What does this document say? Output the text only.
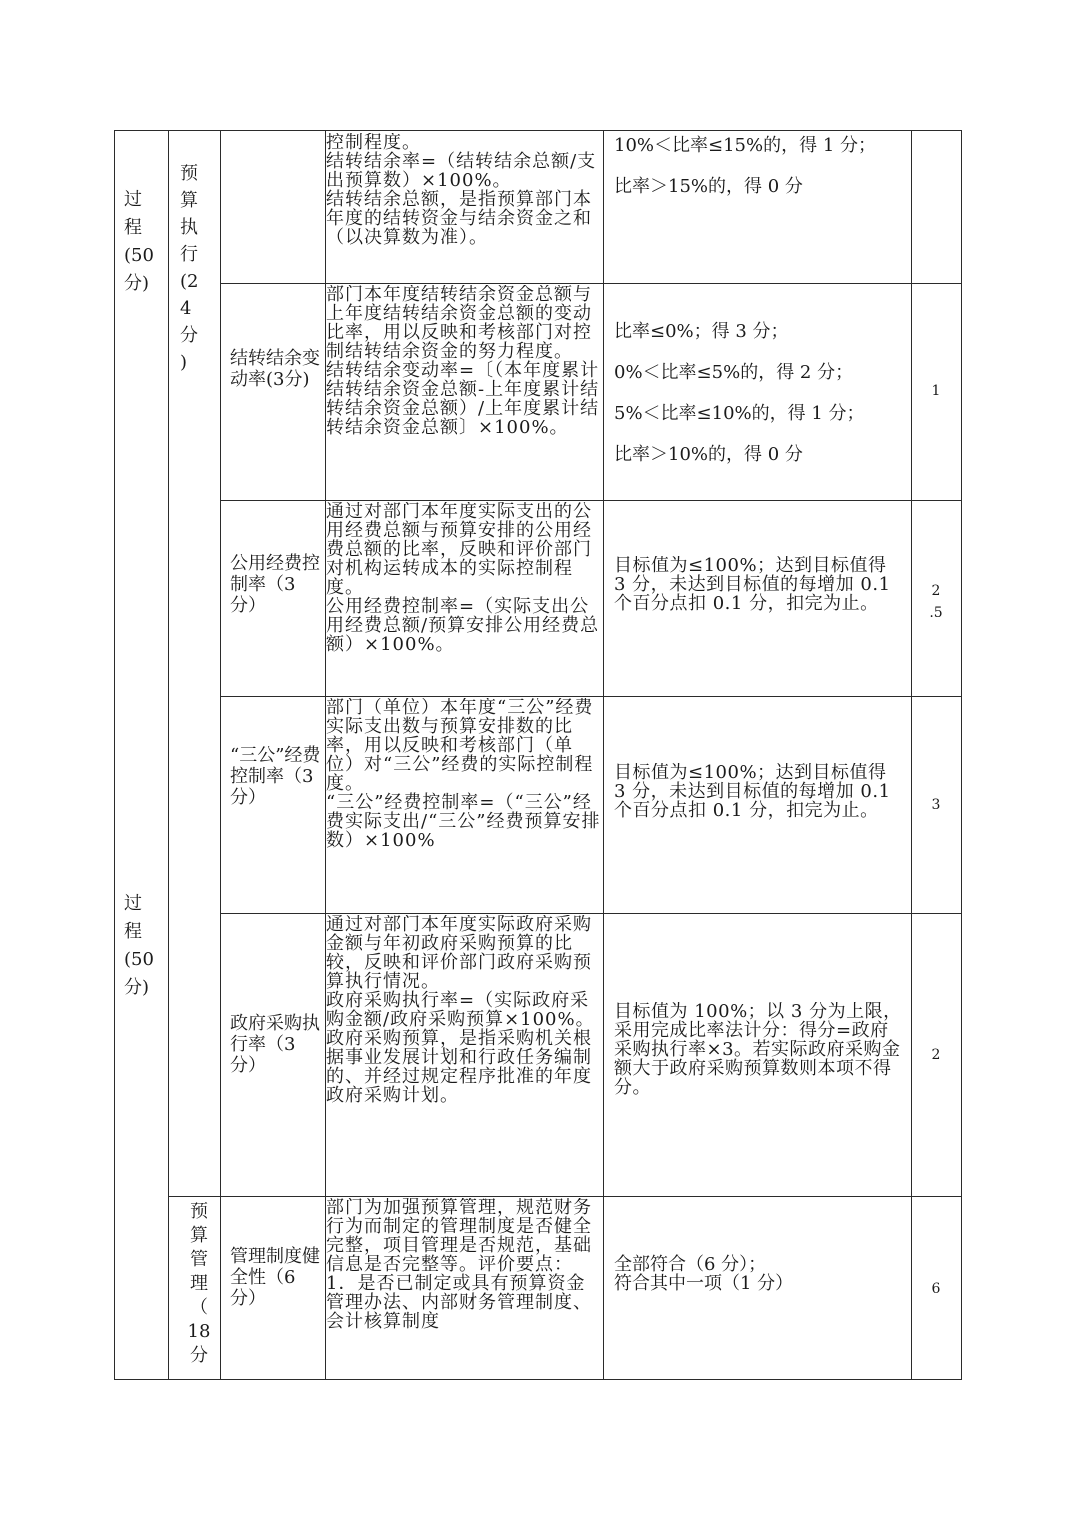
过
程
(50
分)
过
程
(50
分)
预
算
执
行
(2
4
分
)
预
算
管
理
（
18
分
控制程度。
结转结余率=（结转结余总额/支出预算数）×100%。
结转结余总额，是指预算部门本年度的结转资金与结余资金之和（以决算数为准）。
10%＜比率≤15%的，得 1 分；
比率＞15%的，得 0 分
结转结余变动率(3分)
部门本年度结转结余资金总额与上年度结转结余资金总额的变动比率，用以反映和考核部门对控制结转结余资金的努力程度。
结转结余变动率=〔（本年度累计结转结余资金总额-上年度累计结转结余资金总额）/上年度累计结转结余资金总额〕×100%。
比率≤0%；得 3 分；
0%＜比率≤5%的，得 2 分；
5%＜比率≤10%的，得 1 分；
比率＞10%的，得 0 分
1
公用经费控制率（3分）
通过对部门本年度实际支出的公用经费总额与预算安排的公用经费总额的比率，反映和评价部门对机构运转成本的实际控制程度。
公用经费控制率=（实际支出公用经费总额/预算安排公用经费总额）×100%。
目标值为≤100%；达到目标值得 3 分，未达到目标值的每增加 0.1 个百分点扣 0.1 分，扣完为止。
2
.5
“三公”经费控制率（3分）
部门（单位）本年度“三公”经费实际支出数与预算安排数的比率，用以反映和考核部门（单位）对“三公”经费的实际控制程度。
“三公”经费控制率=（“三公”经费实际支出/“三公”经费预算安排数）×100%
目标值为≤100%；达到目标值得 3 分，未达到目标值的每增加 0.1 个百分点扣 0.1 分，扣完为止。	3
政府采购执行率（3分）
通过对部门本年度实际政府采购金额与年初政府采购预算的比较，反映和评价部门政府采购预算执行情况。
政府采购执行率=（实际政府采购金额/政府采购预算×100%。
政府采购预算，是指采购机关根据事业发展计划和行政任务编制的、并经过规定程序批准的年度政府采购计划。
目标值为 100%；以 3 分为上限，采用完成比率法计分：得分=政府采购执行率×3。若实际政府采购金额大于政府采购预算数则本项不得分。
2
管理制度健全性（6分）
部门为加强预算管理，规范财务行为而制定的管理制度是否健全完整，项目管理是否规范，基础信息是否完整等。评价要点：
1．是否已制定或具有预算资金管理办法、内部财务管理制度、会计核算制度
全部符合（6 分）；
符合其中一项（1 分）	6
